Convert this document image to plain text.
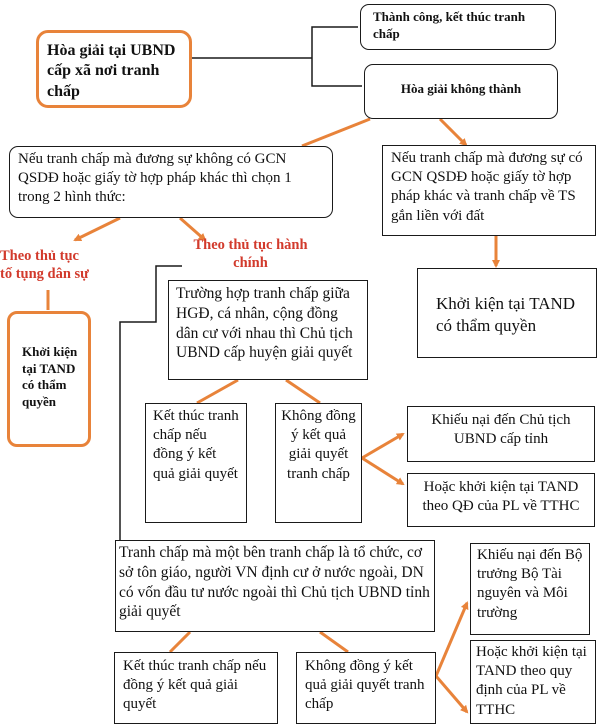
Hòa giải tại UBND cấp xã nơi tranh chấp
Thành công, kết thúc tranh chấp
Hòa giải không thành
Nếu tranh chấp mà đương sự không có GCN QSDĐ hoặc giấy tờ hợp pháp khác thì chọn 1 trong 2 hình thức:
Nếu tranh chấp mà đương sự có GCN QSDĐ hoặc giấy tờ hợp pháp khác và tranh chấp về TS gắn liền với đất
Theo thủ tục tố tụng dân sự
Theo thủ tục hành chính
Khởi kiện tại TAND có thẩm quyền
Khởi kiện tại TAND có thẩm quyền
Trường hợp tranh chấp giữa HGĐ, cá nhân, cộng đồng dân cư với nhau thì Chủ tịch UBND cấp huyện giải quyết
Kết thúc tranh chấp nếu đồng ý kết quả giải quyết
Không đồng ý kết quả giải quyết tranh chấp
Khiếu nại đến Chủ tịch UBND cấp tỉnh
Hoặc khởi kiện tại TAND theo QĐ của PL về TTHC
Tranh chấp mà một bên tranh chấp là tổ chức, cơ sở tôn giáo, người VN định cư ở nước ngoài, DN có vốn đầu tư nước ngoài thì Chủ tịch UBND tỉnh giải quyết
Kết thúc tranh chấp nếu đồng ý kết quả giải quyết
Không đồng ý kết quả giải quyết tranh chấp
Khiếu nại đến Bộ trưởng Bộ Tài nguyên và Môi trường
Hoặc khởi kiện tại TAND theo quy định của PL về TTHC
